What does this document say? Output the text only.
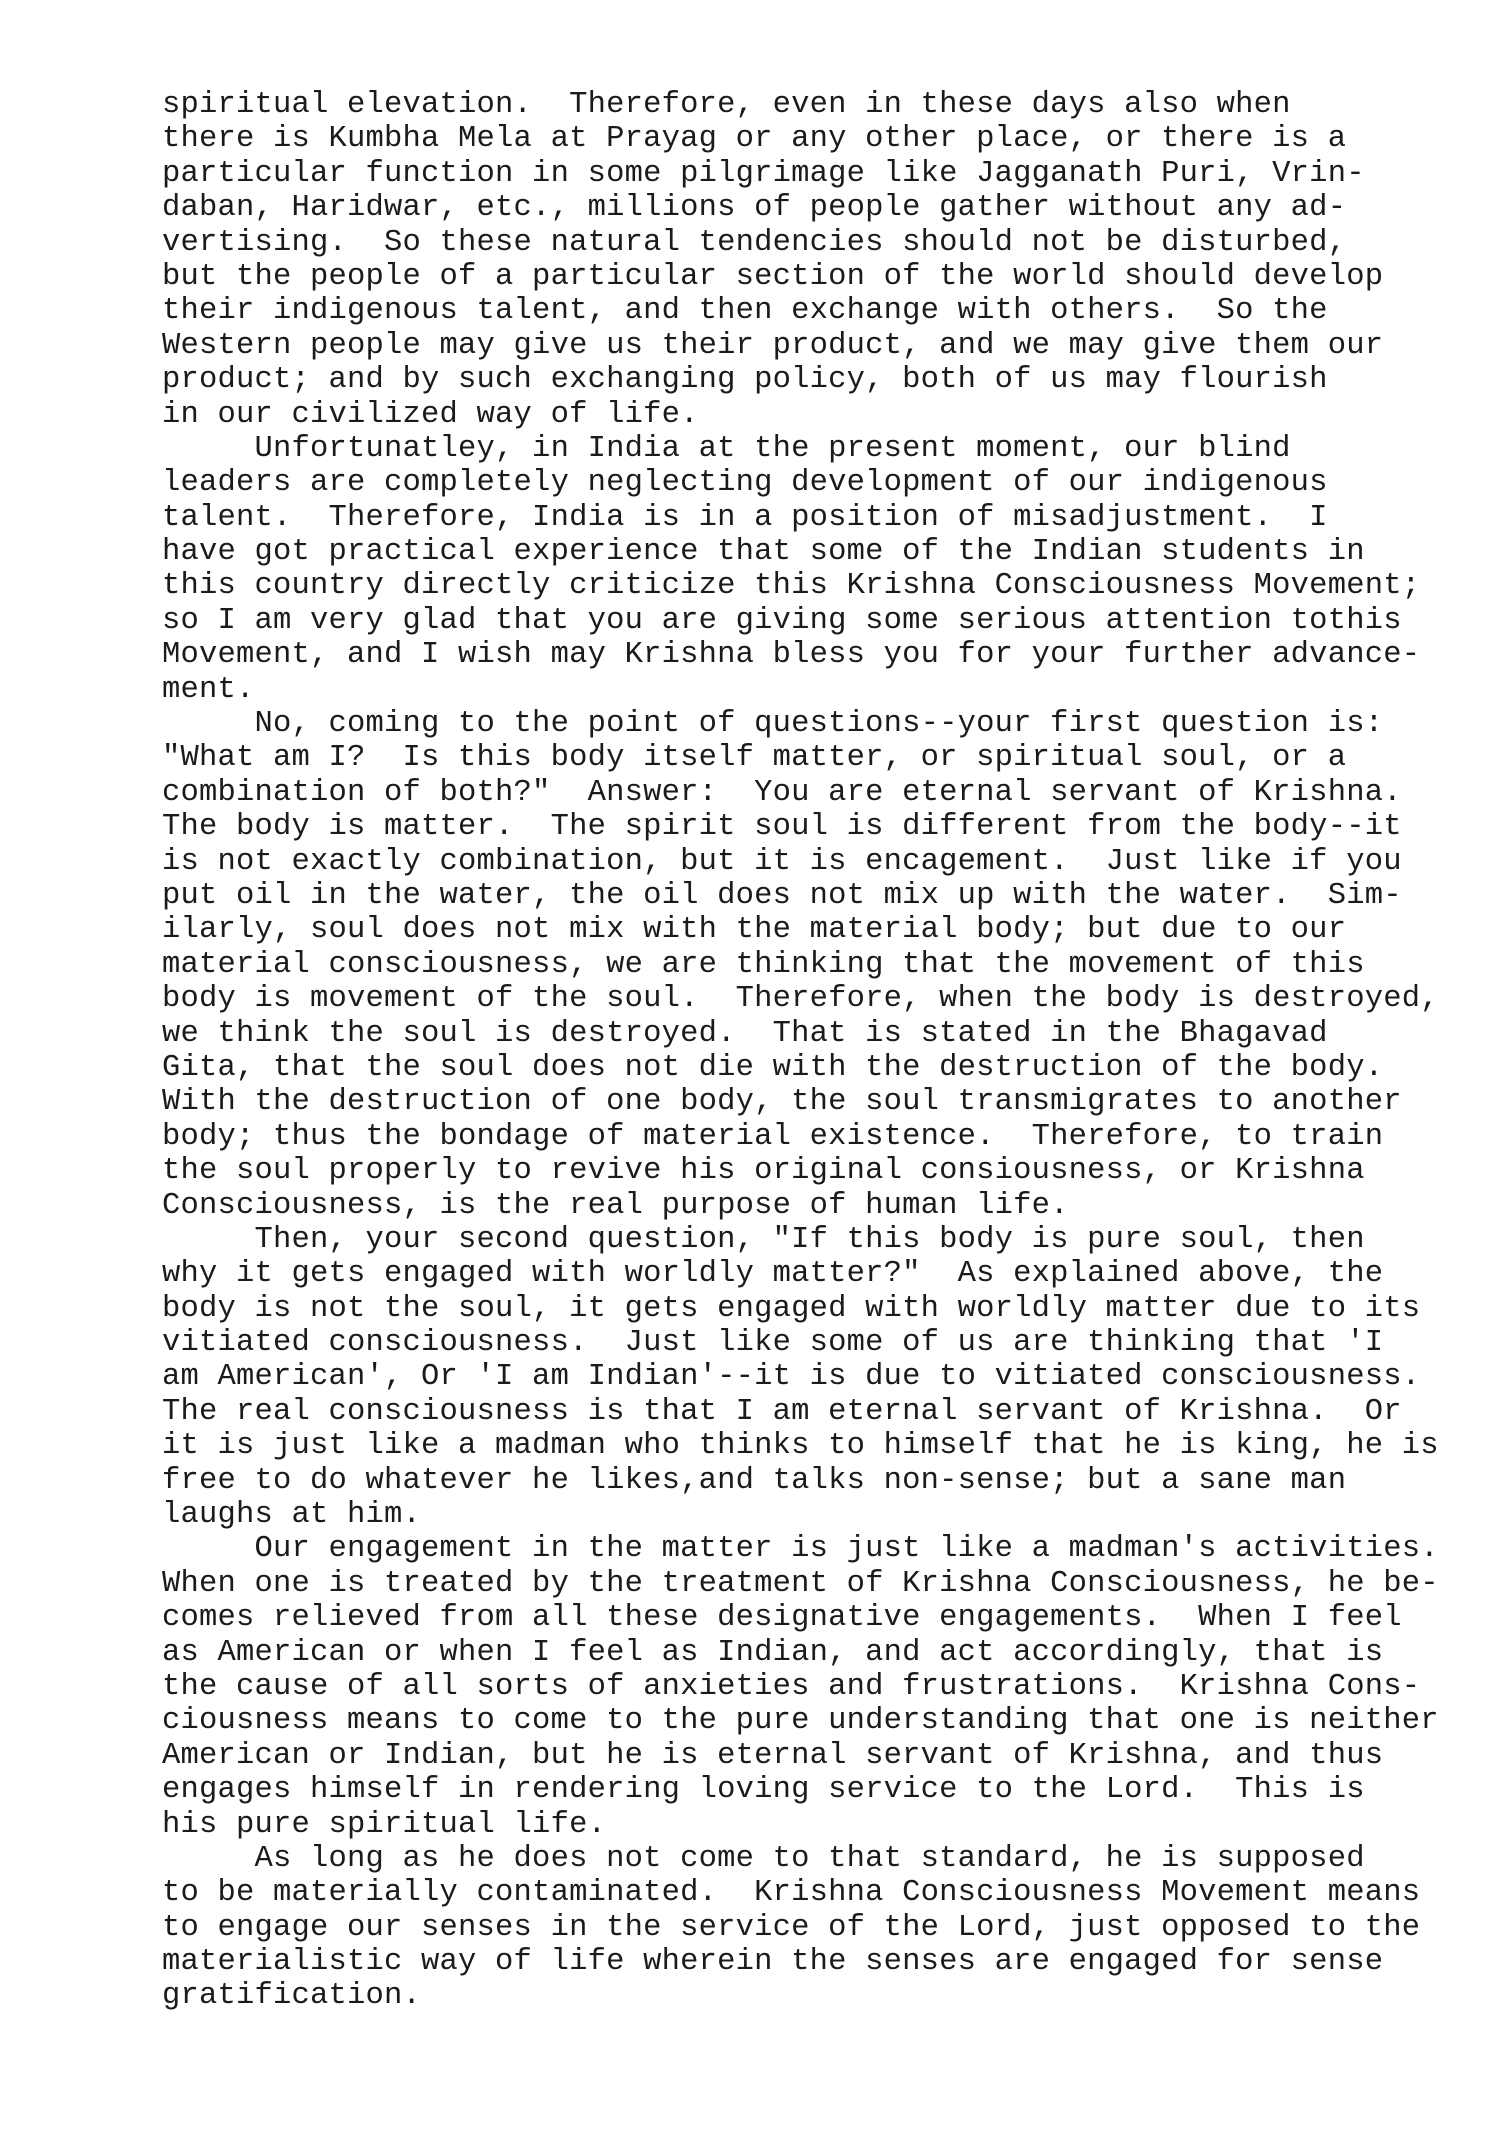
spiritual elevation.  Therefore, even in these days also when
there is Kumbha Mela at Prayag or any other place, or there is a
particular function in some pilgrimage like Jagganath Puri, Vrin-
daban, Haridwar, etc., millions of people gather without any ad-
vertising.  So these natural tendencies should not be disturbed,
but the people of a particular section of the world should develop
their indigenous talent, and then exchange with others.  So the
Western people may give us their product, and we may give them our
product; and by such exchanging policy, both of us may flourish
in our civilized way of life.
Unfortunatley, in India at the present moment, our blind
leaders are completely neglecting development of our indigenous
talent.  Therefore, India is in a position of misadjustment.  I
have got practical experience that some of the Indian students in
this country directly criticize this Krishna Consciousness Movement;
so I am very glad that you are giving some serious attention tothis
Movement, and I wish may Krishna bless you for your further advance-
ment.
No, coming to the point of questions--your first question is:
"What am I?  Is this body itself matter, or spiritual soul, or a
combination of both?"  Answer:  You are eternal servant of Krishna.
The body is matter.  The spirit soul is different from the body--it
is not exactly combination, but it is encagement.  Just like if you
put oil in the water, the oil does not mix up with the water.  Sim-
ilarly, soul does not mix with the material body; but due to our
material consciousness, we are thinking that the movement of this
body is movement of the soul.  Therefore, when the body is destroyed,
we think the soul is destroyed.  That is stated in the Bhagavad
Gita, that the soul does not die with the destruction of the body.
With the destruction of one body, the soul transmigrates to another
body; thus the bondage of material existence.  Therefore, to train
the soul properly to revive his original consiousness, or Krishna
Consciousness, is the real purpose of human life.
Then, your second question, "If this body is pure soul, then
why it gets engaged with worldly matter?"  As explained above, the
body is not the soul, it gets engaged with worldly matter due to its
vitiated consciousness.  Just like some of us are thinking that 'I
am American', Or 'I am Indian'--it is due to vitiated consciousness.
The real consciousness is that I am eternal servant of Krishna.  Or
it is just like a madman who thinks to himself that he is king, he is
free to do whatever he likes,and talks non-sense; but a sane man
laughs at him.
Our engagement in the matter is just like a madman's activities.
When one is treated by the treatment of Krishna Consciousness, he be-
comes relieved from all these designative engagements.  When I feel
as American or when I feel as Indian, and act accordingly, that is
the cause of all sorts of anxieties and frustrations.  Krishna Cons-
ciousness means to come to the pure understanding that one is neither
American or Indian, but he is eternal servant of Krishna, and thus
engages himself in rendering loving service to the Lord.  This is
his pure spiritual life.
As long as he does not come to that standard, he is supposed
to be materially contaminated.  Krishna Consciousness Movement means
to engage our senses in the service of the Lord, just opposed to the
materialistic way of life wherein the senses are engaged for sense
gratification.
